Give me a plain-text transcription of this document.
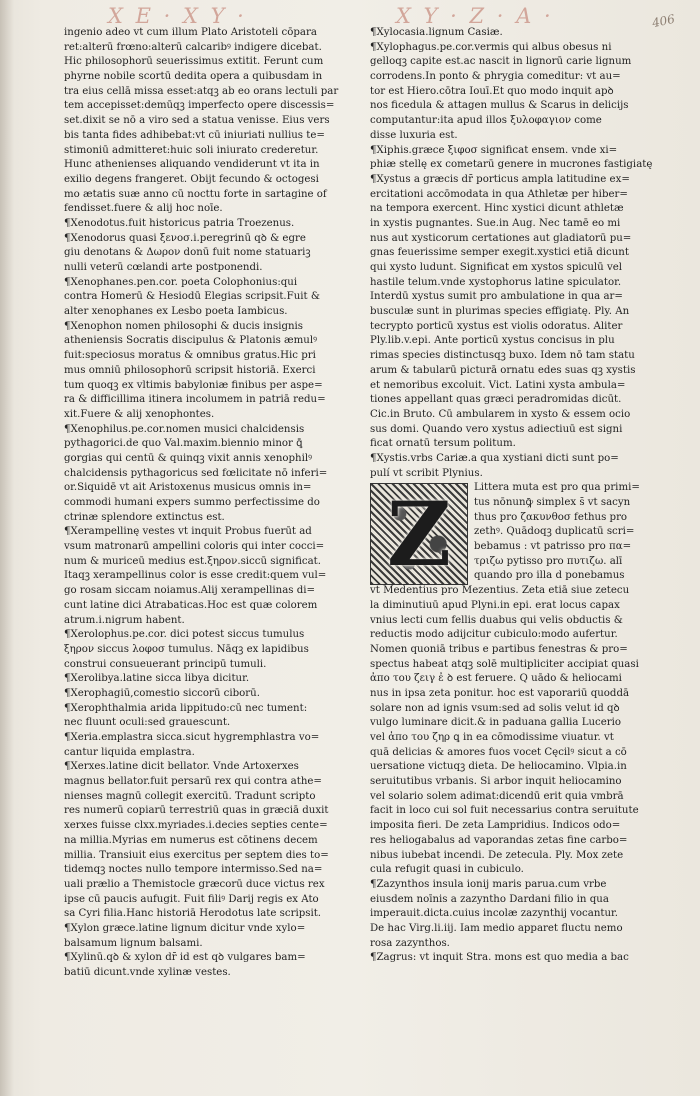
X E · X Y ·	X Y · Z · A ·	406
ingenio adeo vt cum illum Plato Aristoteli cōpara
ret:alterū frœno:alterū calcaribꝰ indigere dicebat.
Hic philosophorū seuerissimus extitit. Ferunt cum
phyrne nobile scortū dedita opera a quibusdam in
tra eius cellā missa esset:atqꝫ ab eo orans lectuli par
tem accepisset:demūqꝫ imperfecto opere discessis=
set.dixit se nō a viro sed a statua venisse. Eius vers
bis tanta fides adhibebat:vt cū iniuriati nullius te=
stimoniū admitteret:huic soli iniurato crederetur.
Hunc athenienses aliquando vendiderunt vt ita in
exilio degens frangeret. Obijt fecundo & octogesi
mo ætatis suæ anno cū nocttu forte in sartagine of
fendisset.fuere & alij hoc noīe.
¶Xenodotus.fuit historicus patria Troezenus.
¶Xenodorus quasi ξενοσ.i.peregrinū qꝺ & egre
giu denotans & Δωρον donū fuit nome statuariꝫ
nulli veterū cœlandi arte postponendi.
¶Xenophanes.pen.cor. poeta Colophonius:qui
contra Homerū & Hesiodū Elegias scripsit.Fuit &
alter xenophanes ex Lesbo poeta Iambicus.
¶Xenophon nomen philosophi & ducis insignis
atheniensis Socratis discipulus & Platonis æmulꝰ
fuit:speciosus moratus & omnibus gratus.Hic pri
mus omniū philosophorū scripsit historiā. Exerci
tum quoqꝫ ex vltimis babyloniæ finibus per aspe=
ra & difficillima itinera incolumem in patriā redu=
xit.Fuere & alij xenophontes.
¶Xenophilus.pe.cor.nomen musici chalcidensis
pythagorici.de quo Val.maxim.biennio minor ꝗ̄
gorgias qui centū & quinqꝫ vixit annis xenophilꝰ
chalcidensis pythagoricus sed fœlicitate nō inferi=
or.Siquidē vt ait Aristoxenus musicus omnis in=
commodi humani expers summo perfectissime do
ctrinæ splendore extinctus est.
¶Xerampellinę vestes vt inquit Probus fuerūt ad
vsum matronarū ampellini coloris qui inter cocci=
num & muriceū medius est.ξηρον.siccū significat.
Itaqꝫ xerampellinus color is esse credit:quem vul=
go rosam siccam noiamus.Alij xerampellinas di=
cunt latine dici Atrabaticas.Hoc est quæ colorem
atrum.i.nigrum habent.
¶Xerolophus.pe.cor. dici potest siccus tumulus
ξηρον siccus λοφοσ tumulus. Nāqꝫ ex lapidibus
construi consueuerant principū tumuli.
¶Xerolibya.latine sicca libya dicitur.
¶Xerophagiū,comestio siccorū ciborū.
¶Xerophthalmia arida lippitudo:cū nec tument:
nec fluunt oculi:sed grauescunt.
¶Xeria.emplastra sicca.sicut hygremphlastra vo=
cantur liquida emplastra.
¶Xerxes.latine dicit bellator. Vnde Artoxerxes
magnus bellator.fuit persarū rex qui contra athe=
nienses magnū collegit exercitū. Tradunt scripto
res numerū copiarū terrestriū quas in græciā duxit
xerxes fuisse clxx.myriades.i.decies septies cente=
na millia.Myrias em numerus est cōtinens decem
millia. Transiuit eius exercitus per septem dies to=
tidemqꝫ noctes nullo tempore intermisso.Sed na=
uali prælio a Themistocle græcorū duce victus rex
ipse cū paucis aufugit. Fuit filiꝰ Darij regis ex Ato
sa Cyri filia.Hanc historiā Herodotus late scripsit.
¶Xylon græce.latine lignum dicitur vnde xylo=
balsamum lignum balsami.
¶Xylinū.qꝺ & xylon dr̄ id est qꝺ vulgares bam=
batiū dicunt.vnde xylinæ vestes.
¶Xylocasia.lignum Casiæ.
¶Xylophagus.pe.cor.vermis qui albus obesus ni
gelloqꝫ capite est.ac nascit in lignorū carie lignum
corrodens.In ponto & phrygia comeditur: vt au=
tor est Hiero.cōtra Iouī.Et quo modo inquit apꝺ
nos ficedula & attagen mullus & Scarus in delicijs
computantur:ita apud illos ξυλοφαγιον come
disse luxuria est.
¶Xiphis.græce ξιφοσ significat ensem. vnde xi=
phiæ stellę ex cometarū genere in mucrones fastigiatę
¶Xystus a græcis dr̄ porticus ampla latitudine ex=
ercitationi accōmodata in qua Athletæ per hiber=
na tempora exercent. Hinc xystici dicunt athletæ
in xystis pugnantes. Sue.in Aug. Nec tamē eo mi
nus aut xysticorum certationes aut gladiatorū pu=
gnas feuerissime semper exegit.xystici etiā dicunt
qui xysto ludunt. Significat em xystos spiculū vel
hastile telum.vnde xystophorus latine spiculator.
Interdū xystus sumit pro ambulatione in qua ar=
busculæ sunt in plurimas species effigiatę. Ply. An
tecrypto porticū xystus est violis odoratus. Aliter
Ply.lib.v.epi. Ante porticū xystus concisus in plu
rimas species distinctusqꝫ buxo. Idem nō tam statu
arum & tabularū picturā ornatu edes suas qꝫ xystis
et nemoribus excoluit. Vict. Latini xysta ambula=
tiones appellant quas græci peradromidas dicūt.
Cic.in Bruto. Cū ambularem in xysto & essem ocio
sus domi. Quando vero xystus adiectiuū est signi
ficat ornatū tersum politum.
¶Xystis.vrbs Cariæ.a qua xystiani dicti sunt po=
pulí vt scribit Plynius.
Z	Littera muta est pro qua primi=
tus nōnunꝙ̄ simplex s̄ vt sacyn
thus pro ζακυνθοσ fethus pro
zethꝰ. Quādoqꝫ duplicatū scri=
bebamus : vt patrisso pro πα=
τριζω pytisso pro πυτιζω. alī
quando pro illa d ponebamus
vt Medentius pro Mezentius. Zeta etiā siue zetecu
la diminutiuū apud Plyni.in epi. erat locus capax
vnius lecti cum fellis duabus qui velis obductis &
reductis modo adijcitur cubiculo:modo aufertur.
Nomen quoniā tribus e partibus fenestras & pro=
spectus habeat atqꝫ solē multipliciter accipiat quasi
ἀπο του ζειγ ἐ ꝺ est feruere. Q uādo & heliocami
nus in ipsa zeta ponitur. hoc est vaporariū quoddā
solare non ad ignis vsum:sed ad solis velut id qꝺ
vulgo luminare dicit.& in paduana gallia Lucerio
vel ἀπο του ζηρ ꝗ in ea cōmodissime viuatur. vt
quā delicias & amores fuos vocet Cęcilꝰ sicut a cō
uersatione victuqꝫ dieta. De heliocamino. Vlpia.in
seruitutibus vrbanis. Si arbor inquit heliocamino
vel solario solem adimat:dicendū erit quia vmbrā
facit in loco cui sol fuit necessarius contra seruitute
imposita fieri. De zeta Lampridius. Indicos odo=
res heliogabalus ad vaporandas zetas fine carbo=
nibus iubebat incendi. De zetecula. Ply. Mox zete
cula refugit quasi in cubiculo.
¶Zazynthos insula ionij maris parua.cum vrbe
eiusdem noīnis a zazyntho Dardani filio in qua
imperauit.dicta.cuius incolæ zazynthij vocantur.
De hac Virg.li.iij. Iam medio apparet fluctu nemo
rosa zazynthos.
¶Zagrus: vt inquit Stra. mons est quo media a bac
